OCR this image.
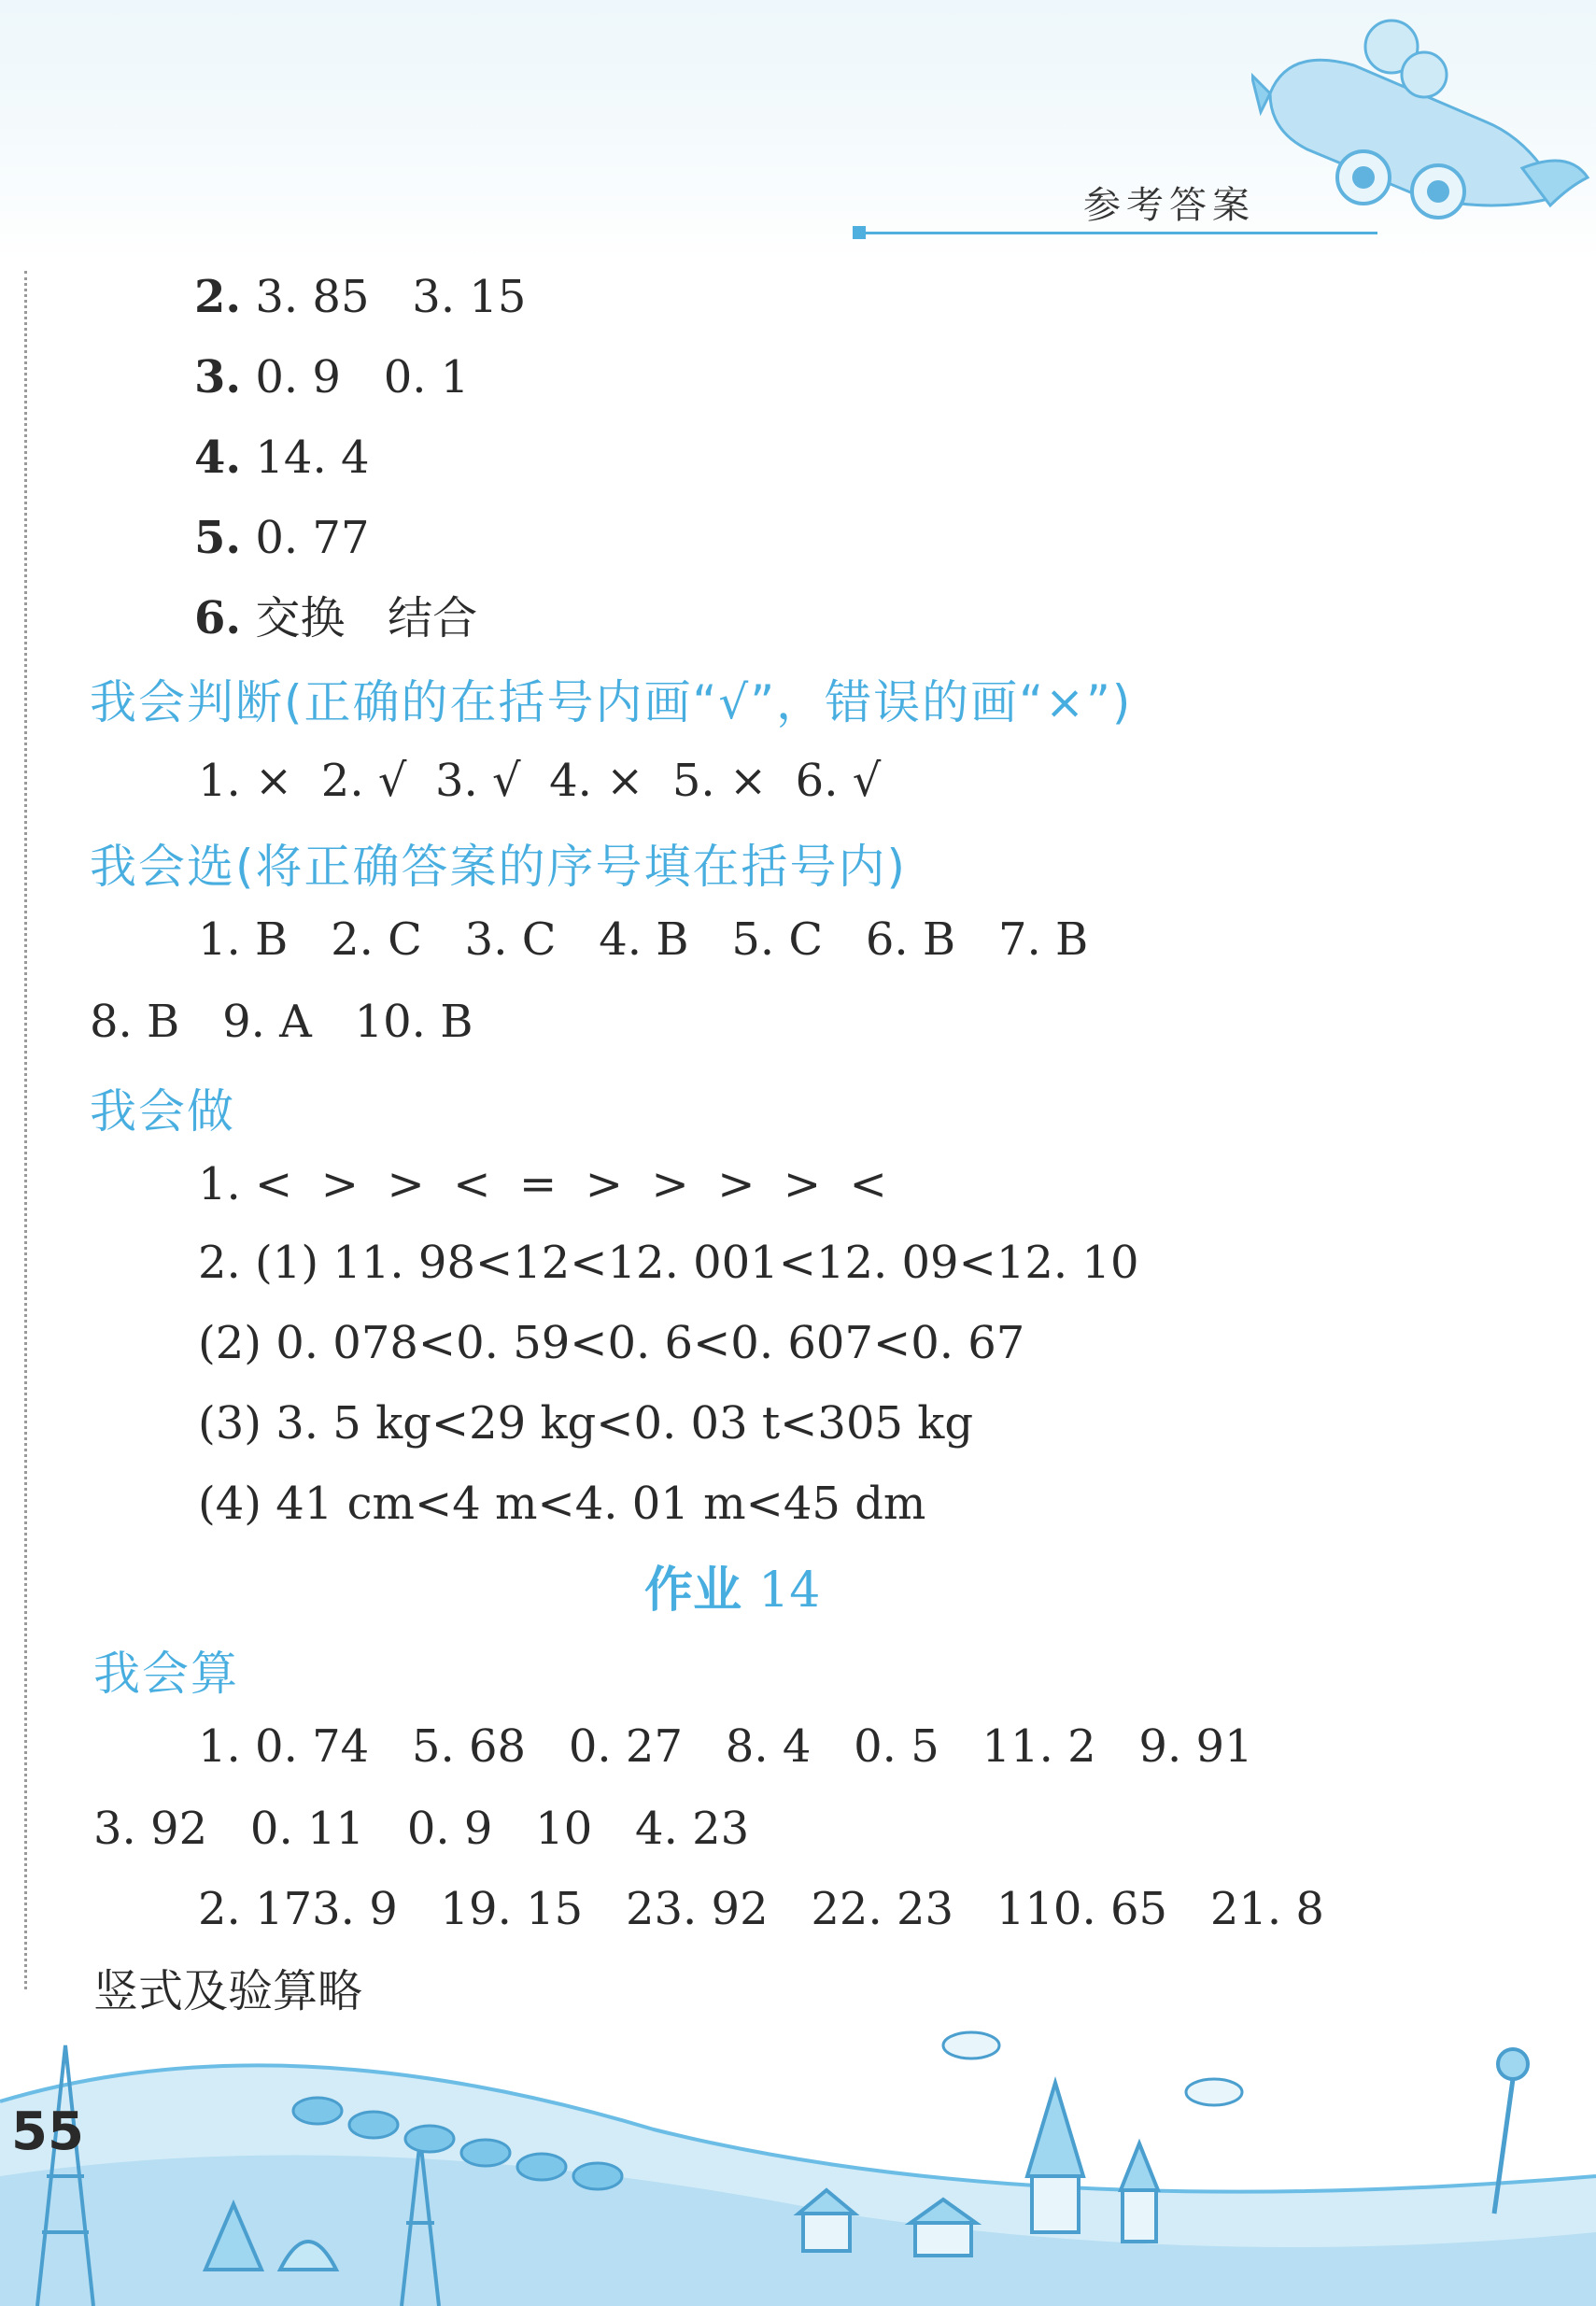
参考答案
2. 3. 85   3. 15
3. 0. 9   0. 1
4. 14. 4
5. 0. 77
6. 交换   结合
我会判断(正确的在括号内画“√”，错误的画“×”)
1. ×  2. √  3. √  4. ×  5. ×  6. √
我会选(将正确答案的序号填在括号内)
1. B   2. C   3. C   4. B   5. C   6. B   7. B
8. B   9. A   10. B
我会做
1. <  >  >  <  =  >  >  >  >  <
2. (1) 11. 98<12<12. 001<12. 09<12. 10
(2) 0. 078<0. 59<0. 6<0. 607<0. 67
(3) 3. 5 kg<29 kg<0. 03 t<305 kg
(4) 41 cm<4 m<4. 01 m<45 dm
作业 14
我会算
1. 0. 74   5. 68   0. 27   8. 4   0. 5   11. 2   9. 91
3. 92   0. 11   0. 9   10   4. 23
2. 173. 9   19. 15   23. 92   22. 23   110. 65   21. 8
竖式及验算略
55
